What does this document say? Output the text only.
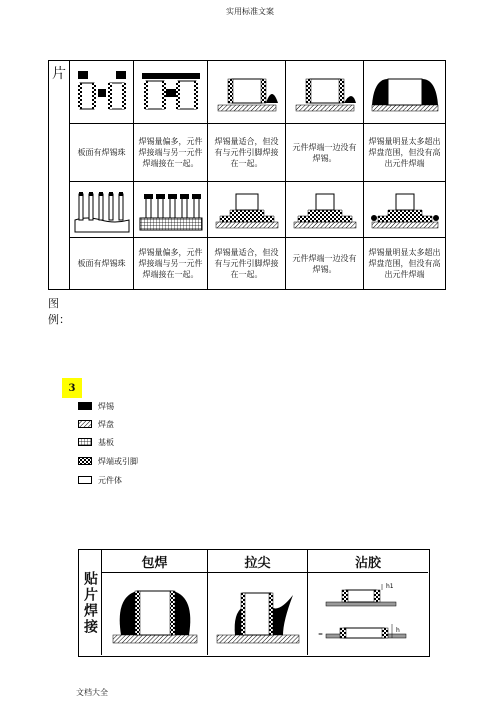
实用标准文案
片
板面有焊锡珠
焊锡量偏多，元件焊接端与另一元件焊端接在一起。
焊锡量适合，但没有与元件引脚焊接在一起。
元件焊端一边没有焊锡。
焊锡量明显太多超出焊盘范围，但没有高出元件焊端
板面有焊锡珠
焊锡量偏多，元件焊接端与另一元件焊端接在一起。
焊锡量适合，但没有与元件引脚焊接在一起。
元件焊端一边没有焊锡。
焊锡量明显太多超出焊盘范围，但没有高出元件焊端
图例：
3
焊锡
焊盘
基板
焊端或引脚
元件体
贴片焊接
包焊	拉尖	沾胶
h1
=
h
文档大全
